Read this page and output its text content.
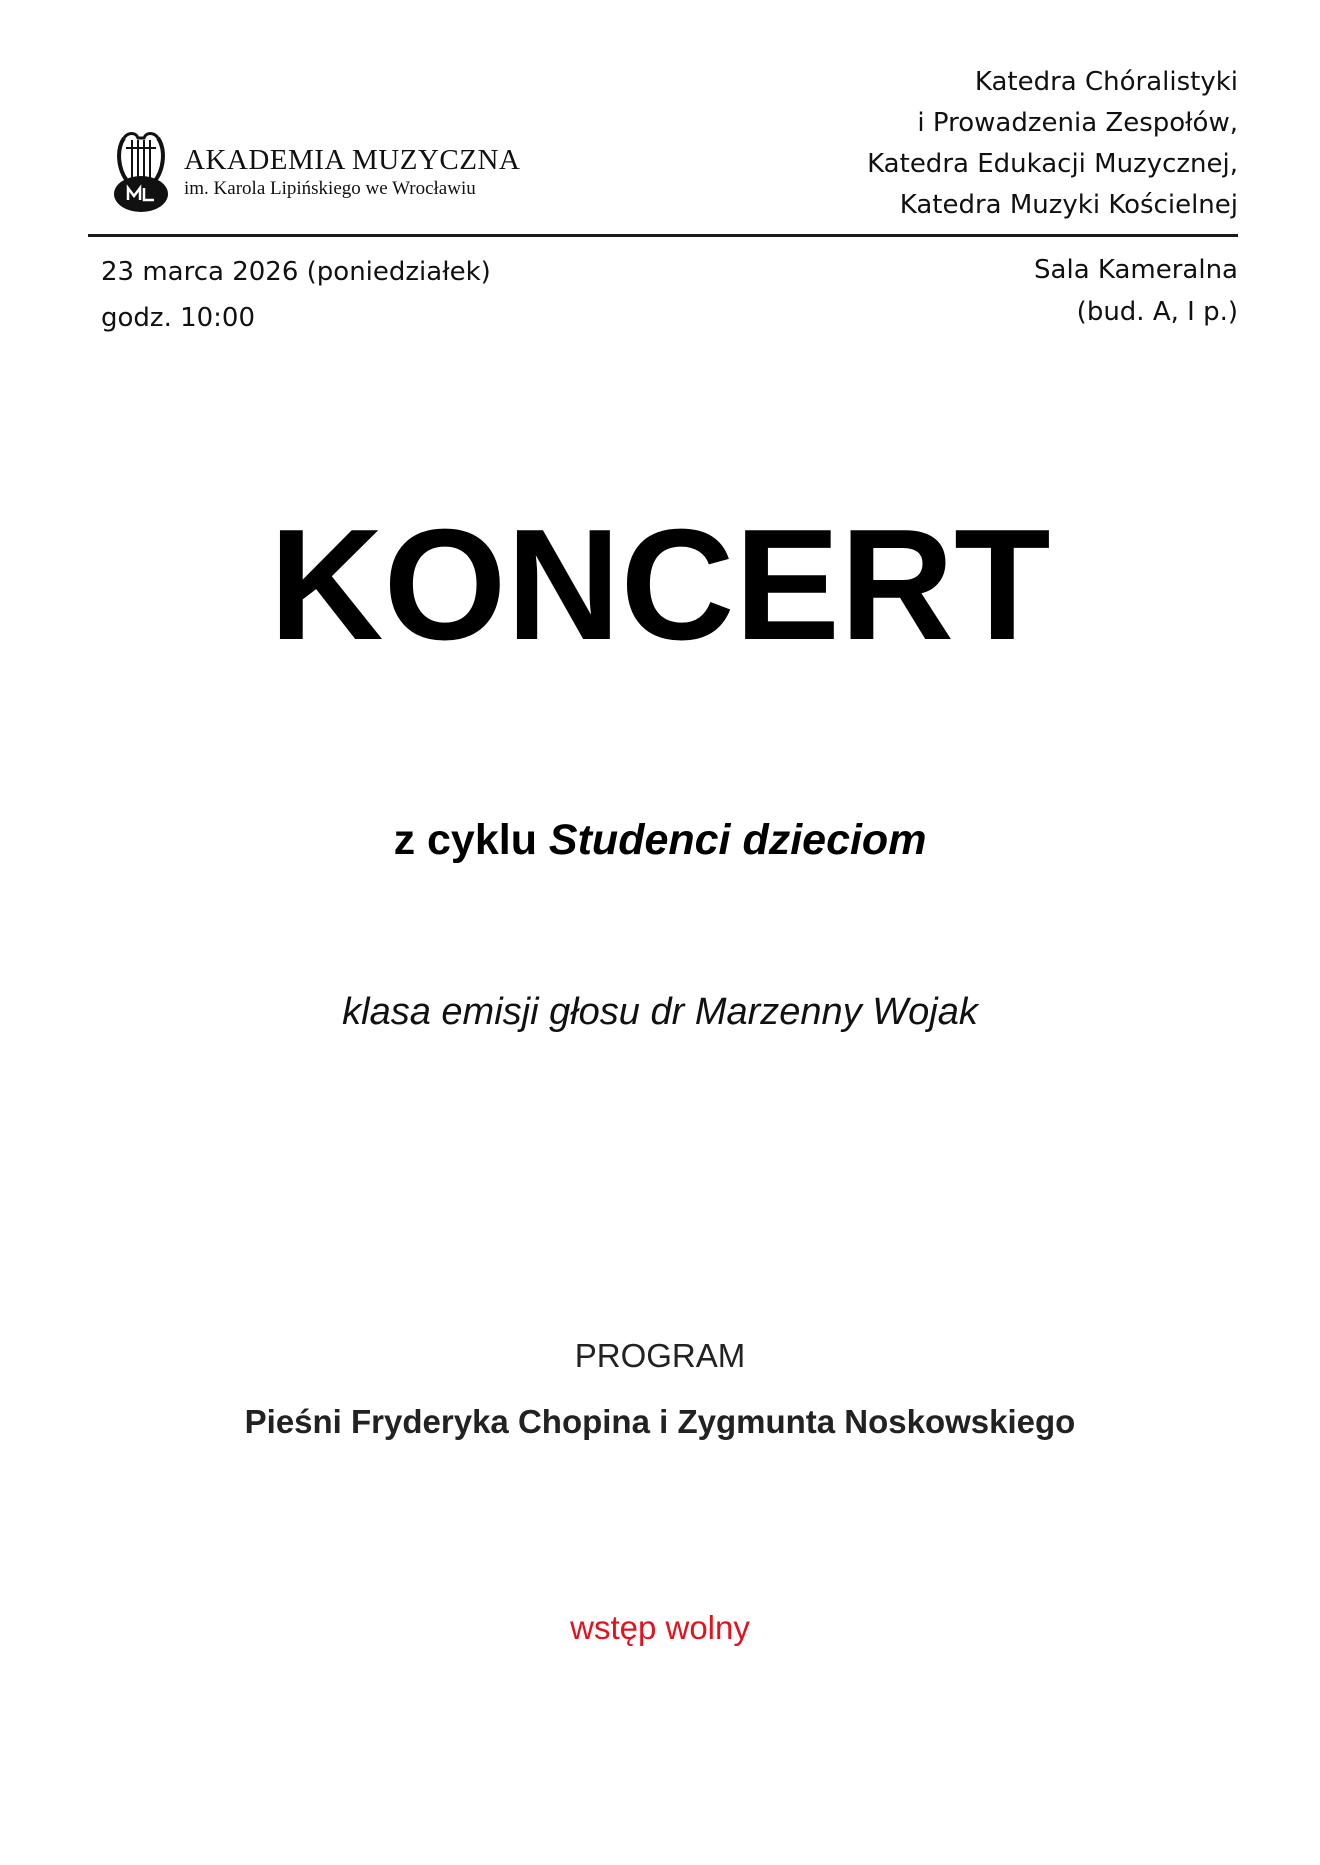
AKADEMIA MUZYCZNA
im. Karola Lipińskiego we Wrocławiu
Katedra Chóralistyki
i Prowadzenia Zespołów,
Katedra Edukacji Muzycznej,
Katedra Muzyki Kościelnej
23 marca 2026 (poniedziałek)
godz. 10:00
Sala Kameralna
(bud. A, I p.)
KONCERT
z cyklu Studenci dzieciom
klasa emisji głosu dr Marzenny Wojak
PROGRAM
Pieśni Fryderyka Chopina i Zygmunta Noskowskiego
wstęp wolny
